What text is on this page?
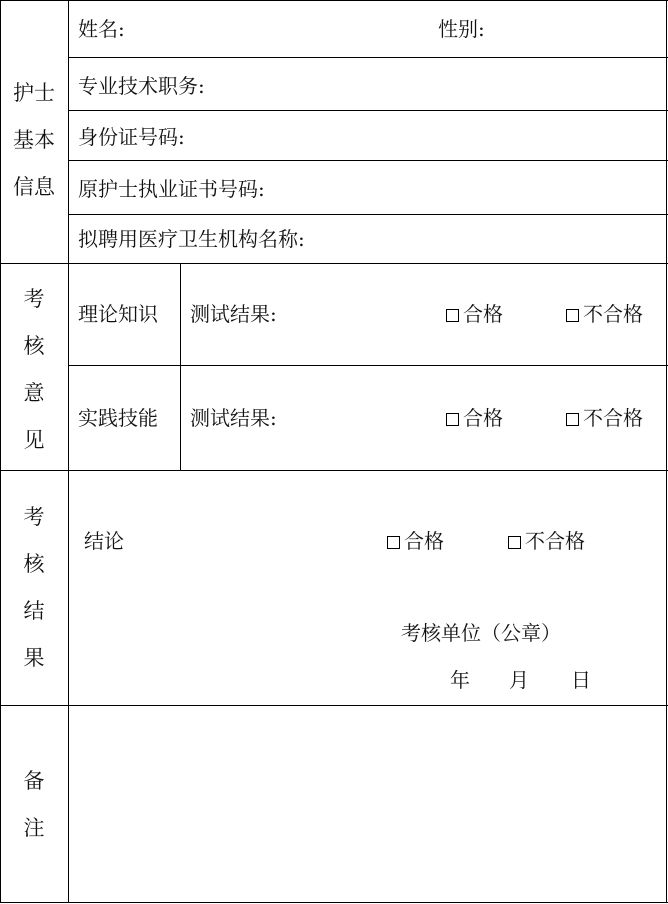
护士
基本
信息
姓名:	性别:
专业技术职务:
身份证号码:
原护士执业证书号码:
拟聘用医疗卫生机构名称:
考
核
意
见
理论知识 测试结果:	合格	不合格
实践技能 测试结果:	合格	不合格
考
核
结
果
结论	合格	不合格
考核单位（公章）
年 月 日
备
注
